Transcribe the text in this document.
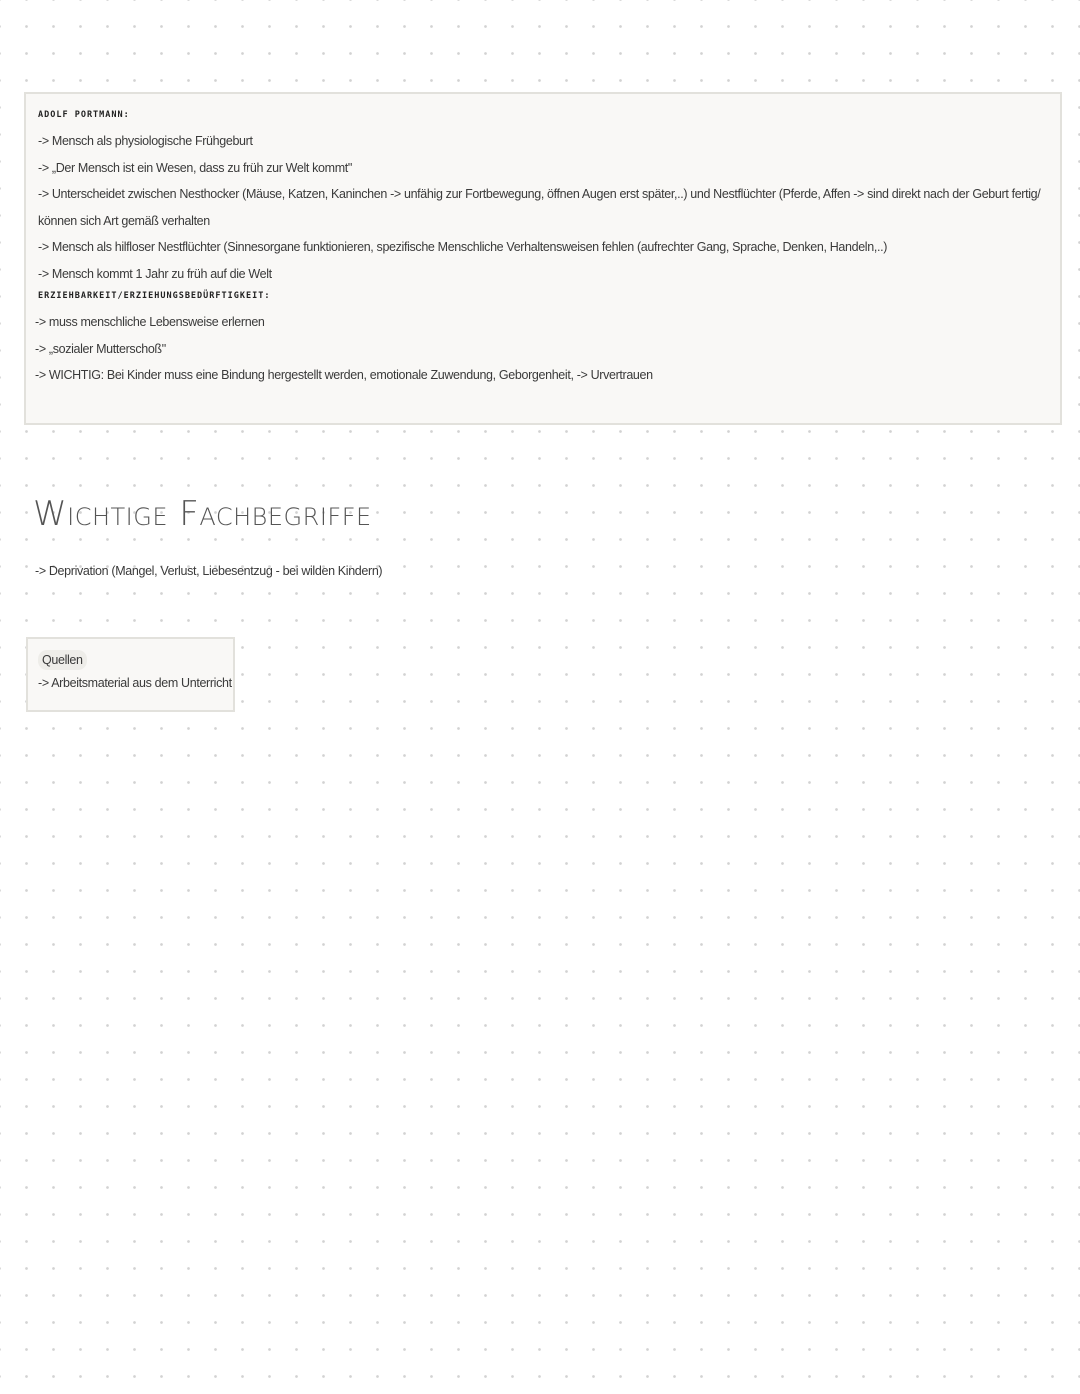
ADOLF PORTMANN:
-> Mensch als physiologische Frühgeburt
-> „Der Mensch ist ein Wesen, dass zu früh zur Welt kommt"
-> Unterscheidet zwischen Nesthocker (Mäuse, Katzen, Kaninchen -> unfähig zur Fortbewegung, öffnen Augen erst später,..) und Nestflüchter (Pferde, Affen -> sind direkt nach der Geburt fertig/ können sich Art gemäß verhalten
-> Mensch als hilfloser Nestflüchter (Sinnesorgane funktionieren, spezifische Menschliche Verhaltensweisen fehlen (aufrechter Gang, Sprache, Denken, Handeln,..)
-> Mensch kommt 1 Jahr zu früh auf die Welt
ERZIEHBARKEIT/ERZIEHUNGSBEDÜRFTIGKEIT:
-> muss menschliche Lebensweise erlernen
-> „sozialer Mutterschoß"
-> WICHTIG: Bei Kinder muss eine Bindung hergestellt werden, emotionale Zuwendung, Geborgenheit, -> Urvertrauen
Wichtige Fachbegriffe
-> Deprivation (Mangel, Verlust, Liebesentzug - bei wilden Kindern)
Quellen
-> Arbeitsmaterial aus dem Unterricht
